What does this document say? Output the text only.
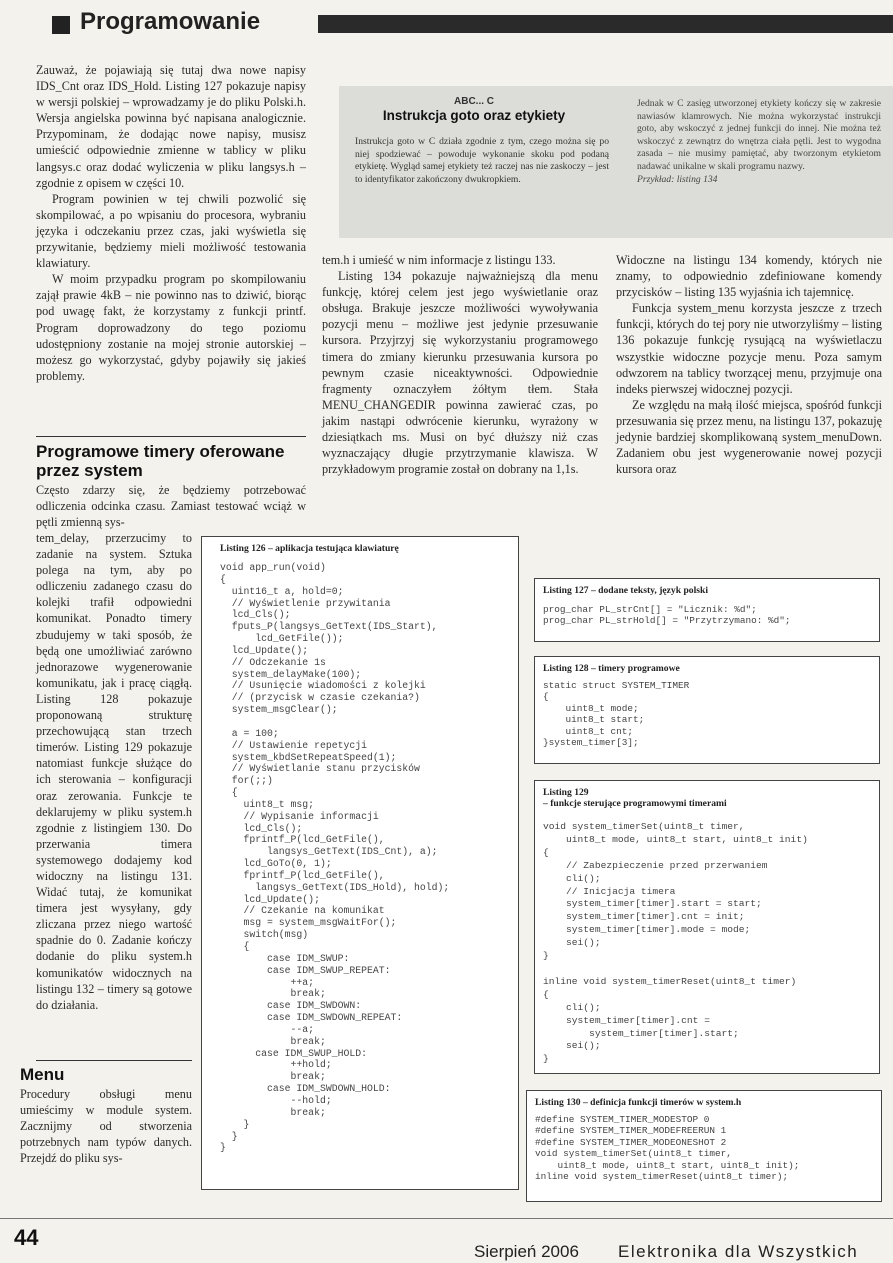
Programowanie

Zauważ, że pojawiają się tutaj dwa nowe napisy IDS_Cnt oraz IDS_Hold. Listing 127 pokazuje napisy w wersji polskiej – wprowadzamy je do pliku Polski.h. Wersja angielska powinna być napisana analogicznie. Przypominam, że dodając nowe napisy, musisz umieścić odpowiednie zmienne w tablicy w pliku langsys.c oraz dodać wyliczenia w pliku langsys.h – zgodnie z opisem w części 10.

Program powinien w tej chwili pozwolić się skompilować, a po wpisaniu do procesora, wybraniu języka i odczekaniu przez czas, jaki wyświetla się przywitanie, będziemy mieli możliwość testowania klawiatury.

W moim przypadku program po skompilowaniu zajął prawie 4kB – nie powinno nas to dziwić, biorąc pod uwagę fakt, że korzystamy z funkcji printf. Program doprowadzony do tego poziomu udostępniony zostanie na mojej stronie autorskiej – możesz go wykorzystać, gdyby pojawiły się jakieś problemy.

Programowe timery oferowane przez system

Często zdarzy się, że będziemy potrzebować odliczenia odcinka czasu. Zamiast testować wciąż w pętli zmienną sys-

tem_delay, przerzucimy to zadanie na system. Sztuka polega na tym, aby po odliczeniu zadanego czasu do kolejki trafił odpowiedni komunikat. Ponadto timery zbudujemy w taki sposób, że będą one umożliwiać zarówno jednorazowe wygenerowanie komunikatu, jak i pracę ciągłą. Listing 128 pokazuje proponowaną strukturę przechowującą stan trzech timerów. Listing 129 pokazuje natomiast funkcje służące do ich sterowania – konfiguracji oraz zerowania. Funkcje te deklarujemy w pliku system.h zgodnie z listingiem 130. Do przerwania timera systemowego dodajemy kod widoczny na listingu 131. Widać tutaj, że komunikat timera jest wysyłany, gdy zliczana przez niego wartość spadnie do 0. Zadanie kończy dodanie do pliku system.h komunikatów widocznych na listingu 132 – timery są gotowe do działania.

Menu

Procedury obsługi menu umieścimy w module system. Zacznijmy od stworzenia potrzebnych nam typów danych. Przejdź do pliku sys-

ABC... C
Instrukcja goto oraz etykiety
Instrukcja goto w C działa zgodnie z tym, czego można się po niej spodziewać – powoduje wykonanie skoku pod podaną etykietę. Wygląd samej etykiety też raczej nas nie zaskoczy – jest to identyfikator zakończony dwukropkiem.
Jednak w C zasięg utworzonej etykiety kończy się w zakresie nawiasów klamrowych. Nie można wykorzystać instrukcji goto, aby wskoczyć z jednej funkcji do innej. Nie można też wskoczyć z zewnątrz do wnętrza ciała pętli. Jest to wygodna zasada – nie musimy pamiętać, aby tworzonym etykietom nadawać unikalne w skali programu nazwy.
Przykład: listing 134

tem.h i umieść w nim informacje z listingu 133.

Listing 134 pokazuje najważniejszą dla menu funkcję, której celem jest jego wyświetlanie oraz obsługa. Brakuje jeszcze możliwości wywoływania pozycji menu – możliwe jest jedynie przesuwanie kursora. Przyjrzyj się wykorzystaniu programowego timera do zmiany kierunku przesuwania kursora po pewnym czasie niceaktywności. Odpowiednie fragmenty oznaczyłem żółtym tłem. Stała MENU_CHANGEDIR powinna zawierać czas, po jakim nastąpi odwrócenie kierunku, wyrażony w dziesiątkach ms. Musi on być dłuższy niż czas wyznaczający długie przytrzymanie klawisza. W przykładowym programie został on dobrany na 1,1s.

Widoczne na listingu 134 komendy, których nie znamy, to odpowiednio zdefiniowane komendy przycisków – listing 135 wyjaśnia ich tajemnicę.

Funkcja system_menu korzysta jeszcze z trzech funkcji, których do tej pory nie utworzyliśmy – listing 136 pokazuje funkcję rysującą na wyświetlaczu wszystkie widoczne pozycje menu. Poza samym odwzorem na tablicy tworzącej menu, przyjmuje ona indeks pierwszej widocznej pozycji.

Ze względu na małą ilość miejsca, spośród funkcji przesuwania się przez menu, na listingu 137, pokazuję jedynie bardziej skomplikowaną system_menuDown. Zadaniem obu jest wygenerowanie nowej pozycji kursora oraz

Listing 126 – aplikacja testująca klawiaturę
void app_run(void)
{
uint16_t a, hold=0;
// Wyświetlenie przywitania
lcd_Cls();
fputs_P(langsys_GetText(IDS_Start),
lcd_GetFile());
lcd_Update();
// Odczekanie 1s
system_delayMake(100);
// Usunięcie wiadomości z kolejki
// (przycisk w czasie czekania?)
system_msgClear();

a = 100;
// Ustawienie repetycji
system_kbdSetRepeatSpeed(1);
// Wyświetlanie stanu przycisków
for(;;)
{
uint8_t msg;
// Wypisanie informacji
lcd_Cls();
fprintf_P(lcd_GetFile(),
langsys_GetText(IDS_Cnt), a);
lcd_GoTo(0, 1);
fprintf_P(lcd_GetFile(),
langsys_GetText(IDS_Hold), hold);
lcd_Update();
// Czekanie na komunikat
msg = system_msgWaitFor();
switch(msg)
{
case IDM_SWUP:
case IDM_SWUP_REPEAT:
++a;
break;
case IDM_SWDOWN:
case IDM_SWDOWN_REPEAT:
--a;
break;
case IDM_SWUP_HOLD:
++hold;
break;
case IDM_SWDOWN_HOLD:
--hold;
break;
}
}
}
Listing 127 – dodane teksty, język polski
prog_char PL_strCnt[] = "Licznik: %d";
prog_char PL_strHold[] = "Przytrzymano: %d";
Listing 128 – timery programowe
static struct SYSTEM_TIMER
{
uint8_t mode;
uint8_t start;
uint8_t cnt;
}system_timer[3];
Listing 129
– funkcje sterujące programowymi timerami
void system_timerSet(uint8_t timer,
uint8_t mode, uint8_t start, uint8_t init)
{
// Zabezpieczenie przed przerwaniem
cli();
// Inicjacja timera
system_timer[timer].start = start;
system_timer[timer].cnt = init;
system_timer[timer].mode = mode;
sei();
}

inline void system_timerReset(uint8_t timer)
{
cli();
system_timer[timer].cnt =
system_timer[timer].start;
sei();
}
Listing 130 – definicja funkcji timerów w system.h
#define SYSTEM_TIMER_MODESTOP 0
#define SYSTEM_TIMER_MODEFREERUN 1
#define SYSTEM_TIMER_MODEONESHOT 2
void system_timerSet(uint8_t timer,
uint8_t mode, uint8_t start, uint8_t init);
inline void system_timerReset(uint8_t timer);
44
Sierpień 2006 Elektronika dla Wszystkich
